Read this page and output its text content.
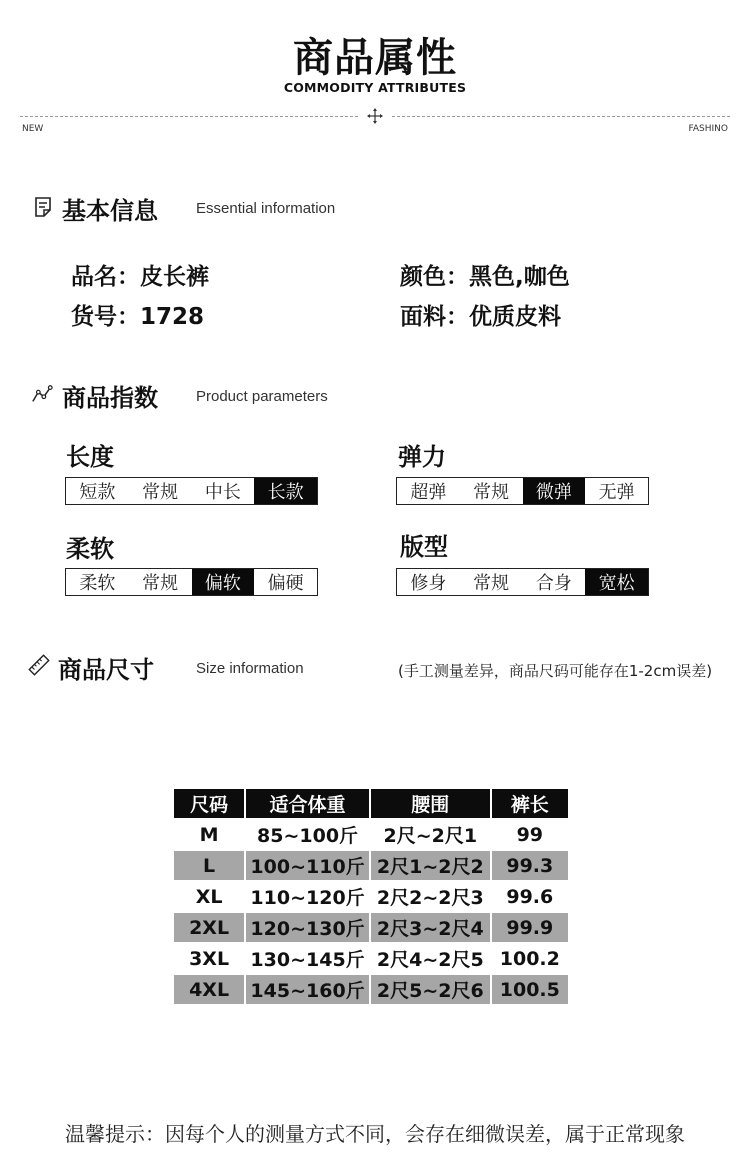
商品属性
COMMODITY ATTRIBUTES
NEW	FASHINO
基本信息	Essential information
品名：皮长裤	颜色：黑色,咖色
货号：1728	面料：优质皮料
商品指数	Product parameters
长度
短款	常规	中长	长款
弹力
超弹	常规	微弹	无弹
柔软
柔软	常规	偏软	偏硬
版型
修身	常规	合身	宽松
商品尺寸	Size information	(手工测量差异，商品尺码可能存在1-2cm误差)
尺码	适合体重	腰围	裤长
M	85~100斤	2尺~2尺1	99
L	100~110斤	2尺1~2尺2	99.3
XL	110~120斤	2尺2~2尺3	99.6
2XL	120~130斤	2尺3~2尺4	99.9
3XL	130~145斤	2尺4~2尺5	100.2
4XL	145~160斤	2尺5~2尺6	100.5
温馨提示：因每个人的测量方式不同，会存在细微误差，属于正常现象
